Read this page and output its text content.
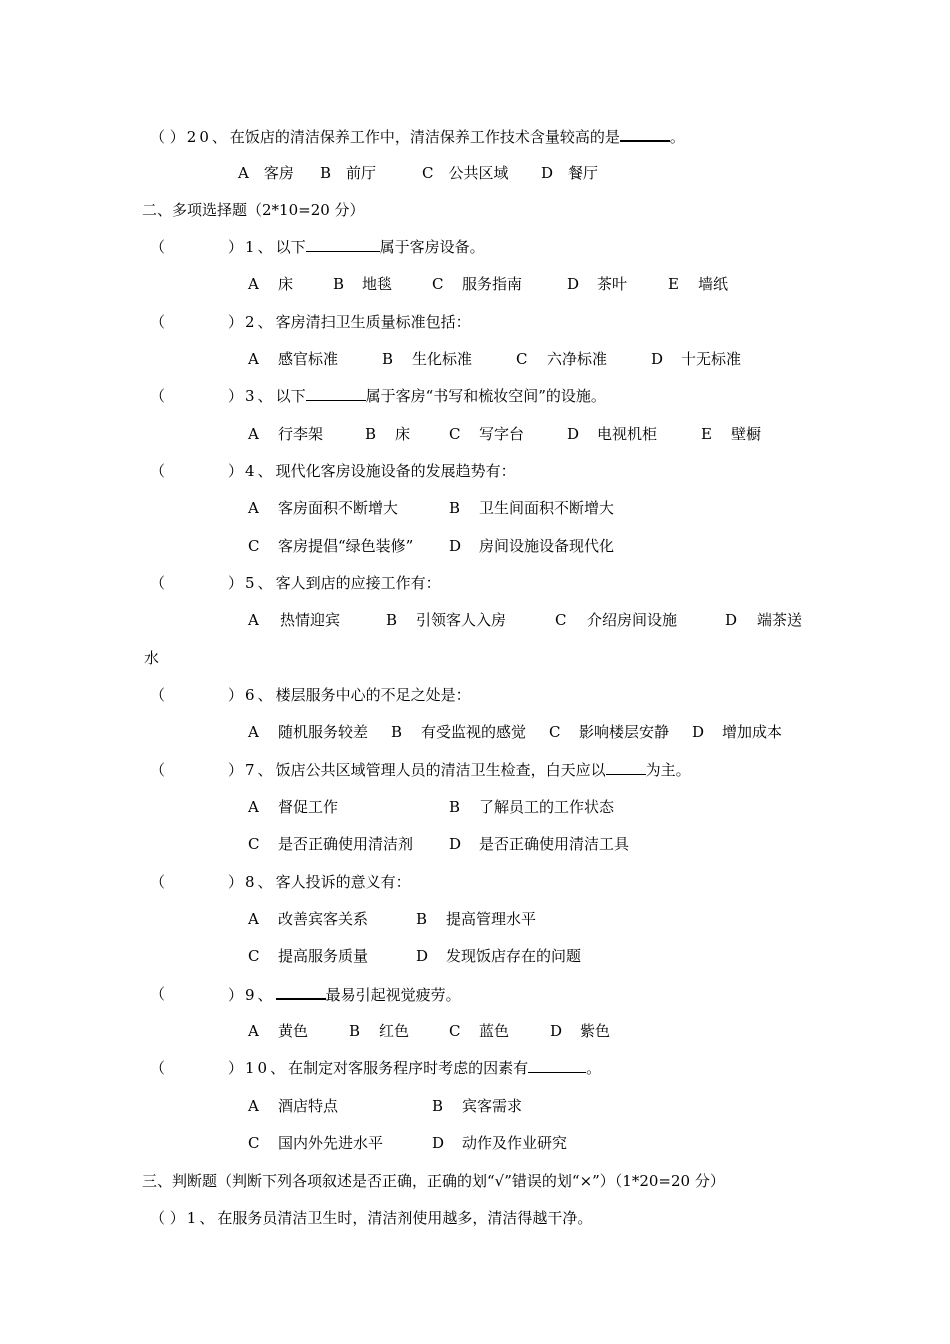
（ ） 20、在饭店的清洁保养工作中，清洁保养工作技术含量较高的是	。
A　客房 B　前厅	C　公共区域 D　餐厅
二、多项选择题（2*10=20 分）
（	） 1、以下	属于客房设备。
A 床	B 地毯	C 服务指南	D 茶叶	E 墙纸
（	） 2、客房清扫卫生质量标准包括：
A 感官标准	B 生化标准	C 六净标准	D 十无标准
（	） 3、以下	属于客房“书写和梳妆空间”的设施。
A 行李架	B 床	C 写字台	D 电视机柜	E 壁橱
（	） 4、现代化客房设施设备的发展趋势有：
A 客房面积不断增大	B 卫生间面积不断增大
C 客房提倡“绿色装修” D 房间设施设备现代化
（	） 5、客人到店的应接工作有：
A 热情迎宾	B 引领客人入房	C 介绍房间设施	D 端茶送
水
（	） 6、楼层服务中心的不足之处是：
A 随机服务较差 B 有受监视的感觉 C 影响楼层安静 D 增加成本
（	） 7、饭店公共区域管理人员的清洁卫生检查，白天应以	为主。
A 督促工作	B 了解员工的工作状态
C 是否正确使用清洁剂 D 是否正确使用清洁工具
（	） 8、客人投诉的意义有：
A 改善宾客关系	B 提高管理水平
C 提高服务质量	D 发现饭店存在的问题
（	） 9、	最易引起视觉疲劳。
A 黄色	B 红色	C 蓝色	D 紫色
（	） 10、在制定对客服务程序时考虑的因素有	。
A 酒店特点	B 宾客需求
C 国内外先进水平	D 动作及作业研究
三、判断题（判断下列各项叙述是否正确，正确的划“√”错误的划“×”）（1*20=20 分）
（ ） 1、在服务员清洁卫生时，清洁剂使用越多，清洁得越干净。
